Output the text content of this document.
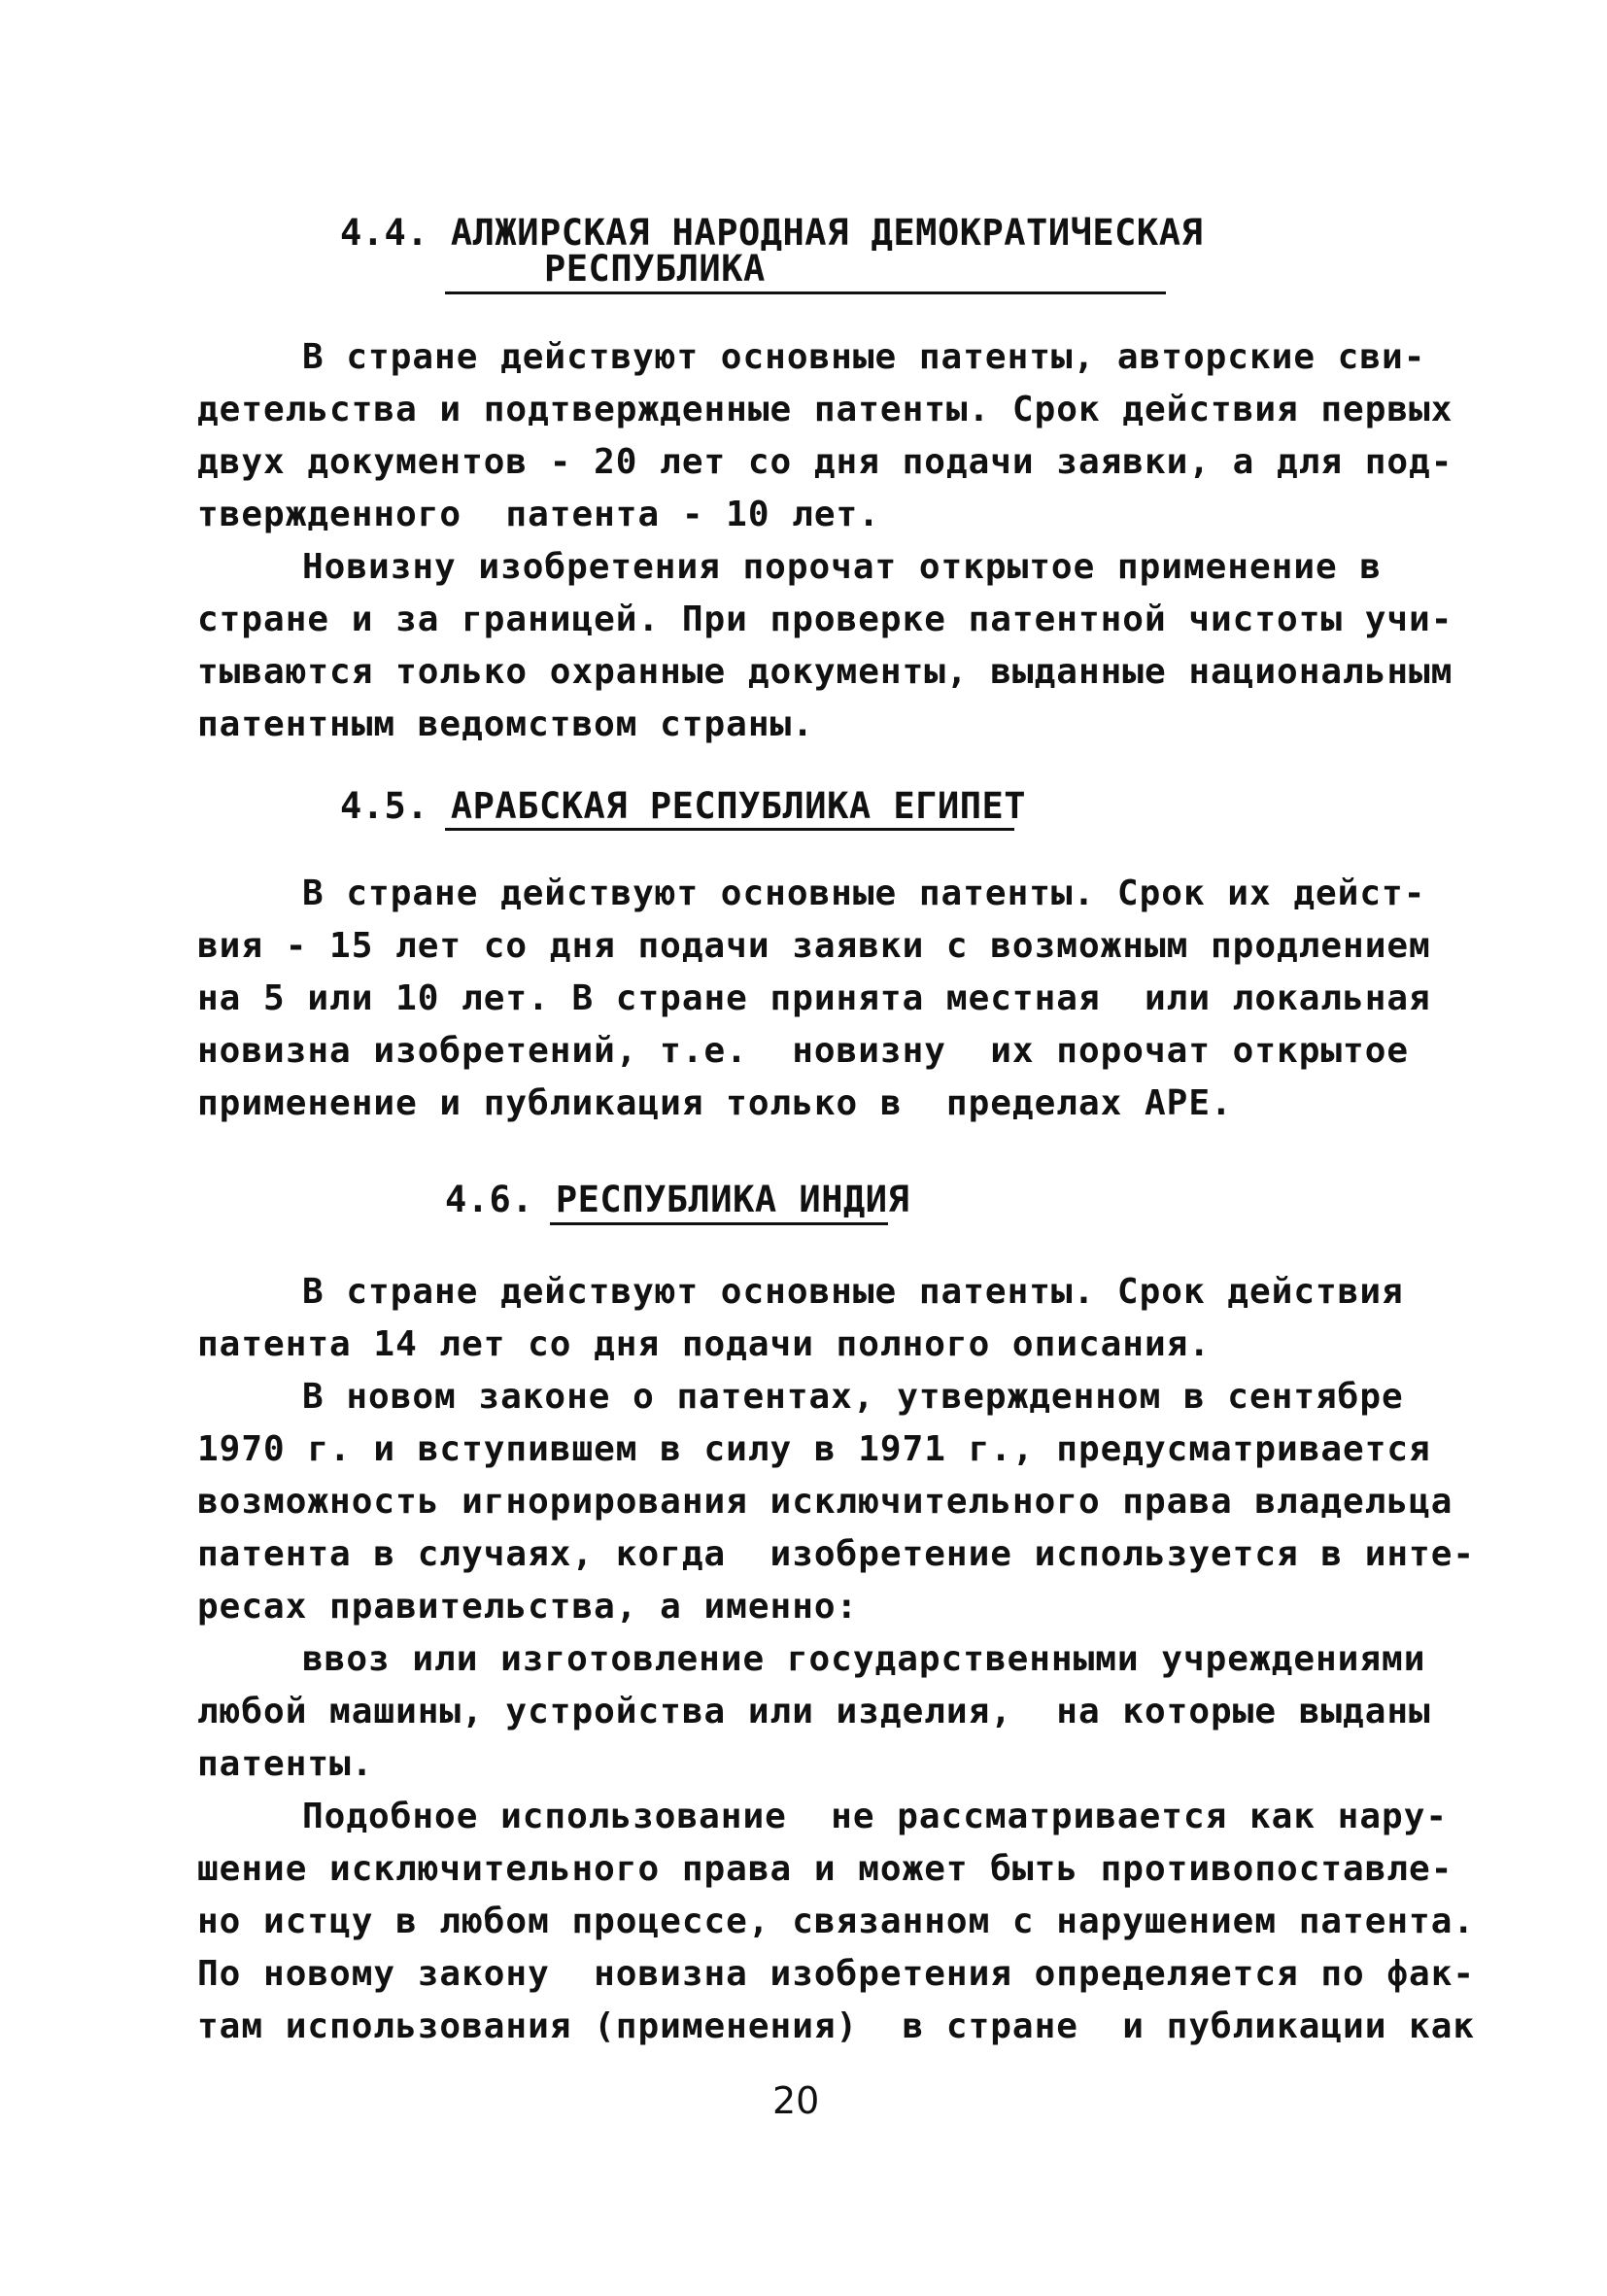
4.4. АЛЖИРСКАЯ НАРОДНАЯ ДЕМОКРАТИЧЕСКАЯ
РЕСПУБЛИКА
В стране действуют основные патенты, авторские сви-
детельства и подтвержденные патенты. Срок действия первых
двух документов - 20 лет со дня подачи заявки, а для под-
твержденного  патента - 10 лет.
Новизну изобретения порочат открытое применение в
стране и за границей. При проверке патентной чистоты учи-
тываются только охранные документы, выданные национальным
патентным ведомством страны.
4.5. АРАБСКАЯ РЕСПУБЛИКА ЕГИПЕТ
В стране действуют основные патенты. Срок их дейст-
вия - 15 лет со дня подачи заявки с возможным продлением
на 5 или 10 лет. В стране принята местная  или локальная
новизна изобретений, т.е.  новизну  их порочат открытое
применение и публикация только в  пределах АРЕ.
4.6. РЕСПУБЛИКА ИНДИЯ
В стране действуют основные патенты. Срок действия
патента 14 лет со дня подачи полного описания.
В новом законе о патентах, утвержденном в сентябре
1970 г. и вступившем в силу в 1971 г., предусматривается
возможность игнорирования исключительного права владельца
патента в случаях, когда  изобретение используется в инте-
ресах правительства, а именно:
ввоз или изготовление государственными учреждениями
любой машины, устройства или изделия,  на которые выданы
патенты.
Подобное использование  не рассматривается как нару-
шение исключительного права и может быть противопоставле-
но истцу в любом процессе, связанном с нарушением патента.
По новому закону  новизна изобретения определяется по фак-
там использования (применения)  в стране  и публикации как
20
